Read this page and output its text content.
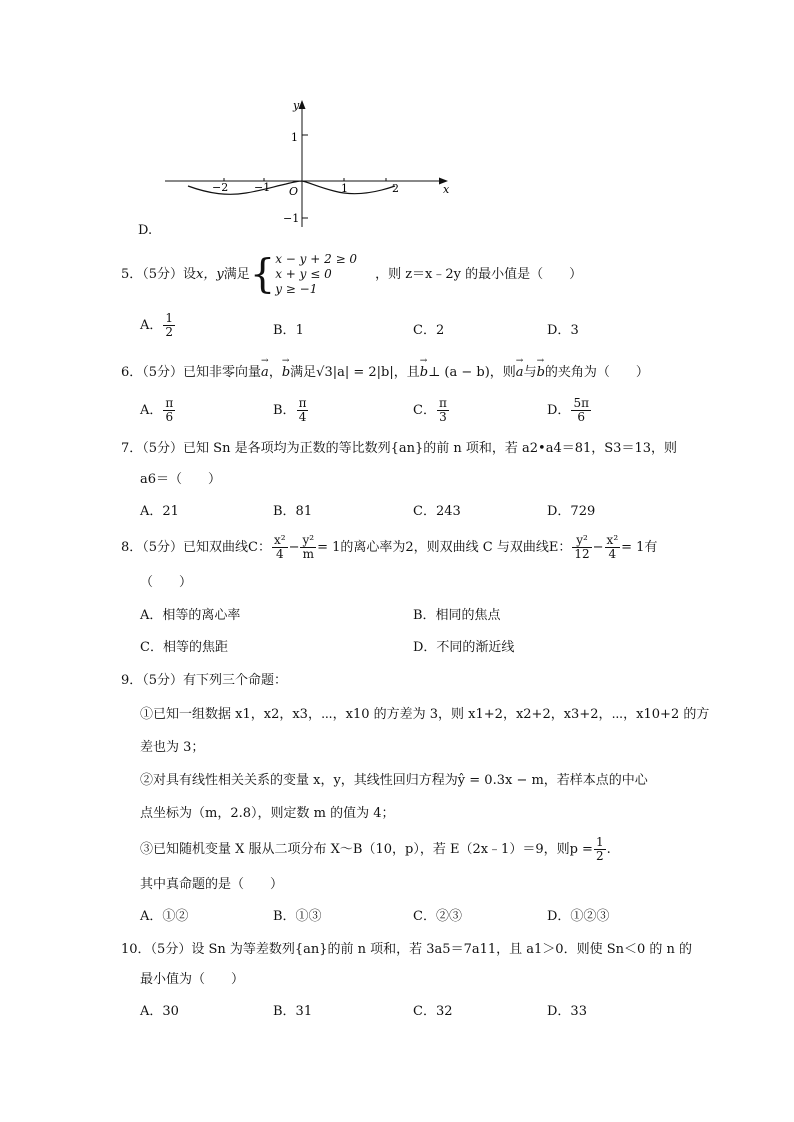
y
x
O
−2 −1	1	2
1
−1
D.
5．（5分）设x，y满足{ x − y + 2 ≥ 0
x + y ≤ 0
y ≥ −1
，则 z＝x﹣2y 的最小值是（　　）
A． $\frac{1}{2}$	B．1	C．2	D．3
6．（5分）已知非零向量→ a，→ b满足√3|a| = 2|b|，且→ b⊥ (a − b)，则→ a与→ b的夹角为（　　）
A． $\frac{\pi}{6}$	B． $\frac{\pi}{4}$	C． $\frac{\pi}{3}$	D． $\frac{5\pi}{6}$
7．（5分）已知 Sn 是各项均为正数的等比数列{an}的前 n 项和，若 a2•a4＝81，S3＝13，则
a6＝（　　）
A．21	B．81	C．243	D．729
8．（5分）已知双曲线C： $\frac{\text{x²}}{4} - \frac{\text{y²}}{m} = 1$的离心率为2，则双曲线 C 与双曲线E： $\frac{\text{y²}}{12} - \frac{\text{x²}}{4} = 1$有
（　　）
A．相等的离心率	B．相同的焦点
C．相等的焦距	D．不同的渐近线
9．（5分）有下列三个命题：
①已知一组数据 x1，x2，x3，⋯，x10 的方差为 3，则 x1+2，x2+2，x3+2，⋯，x10+2 的方
差也为 3；
②对具有线性相关关系的变量 x，y，其线性回归方程为ŷ = 0.3x − m，若样本点的中心
点坐标为（m，2.8），则定数 m 的值为 4；
③已知随机变量 X 服从二项分布 X～B（10，p），若 E（2x﹣1）＝9，则$p = \frac{1}{2}$ .
其中真命题的是（　　）
A．①②	B．①③	C．②③	D．①②③
10．（5分）设 Sn 为等差数列{an}的前 n 项和，若 3a5＝7a11，且 a1＞0．则使 Sn＜0 的 n 的
最小值为（　　）
A．30	B．31	C．32	D．33
